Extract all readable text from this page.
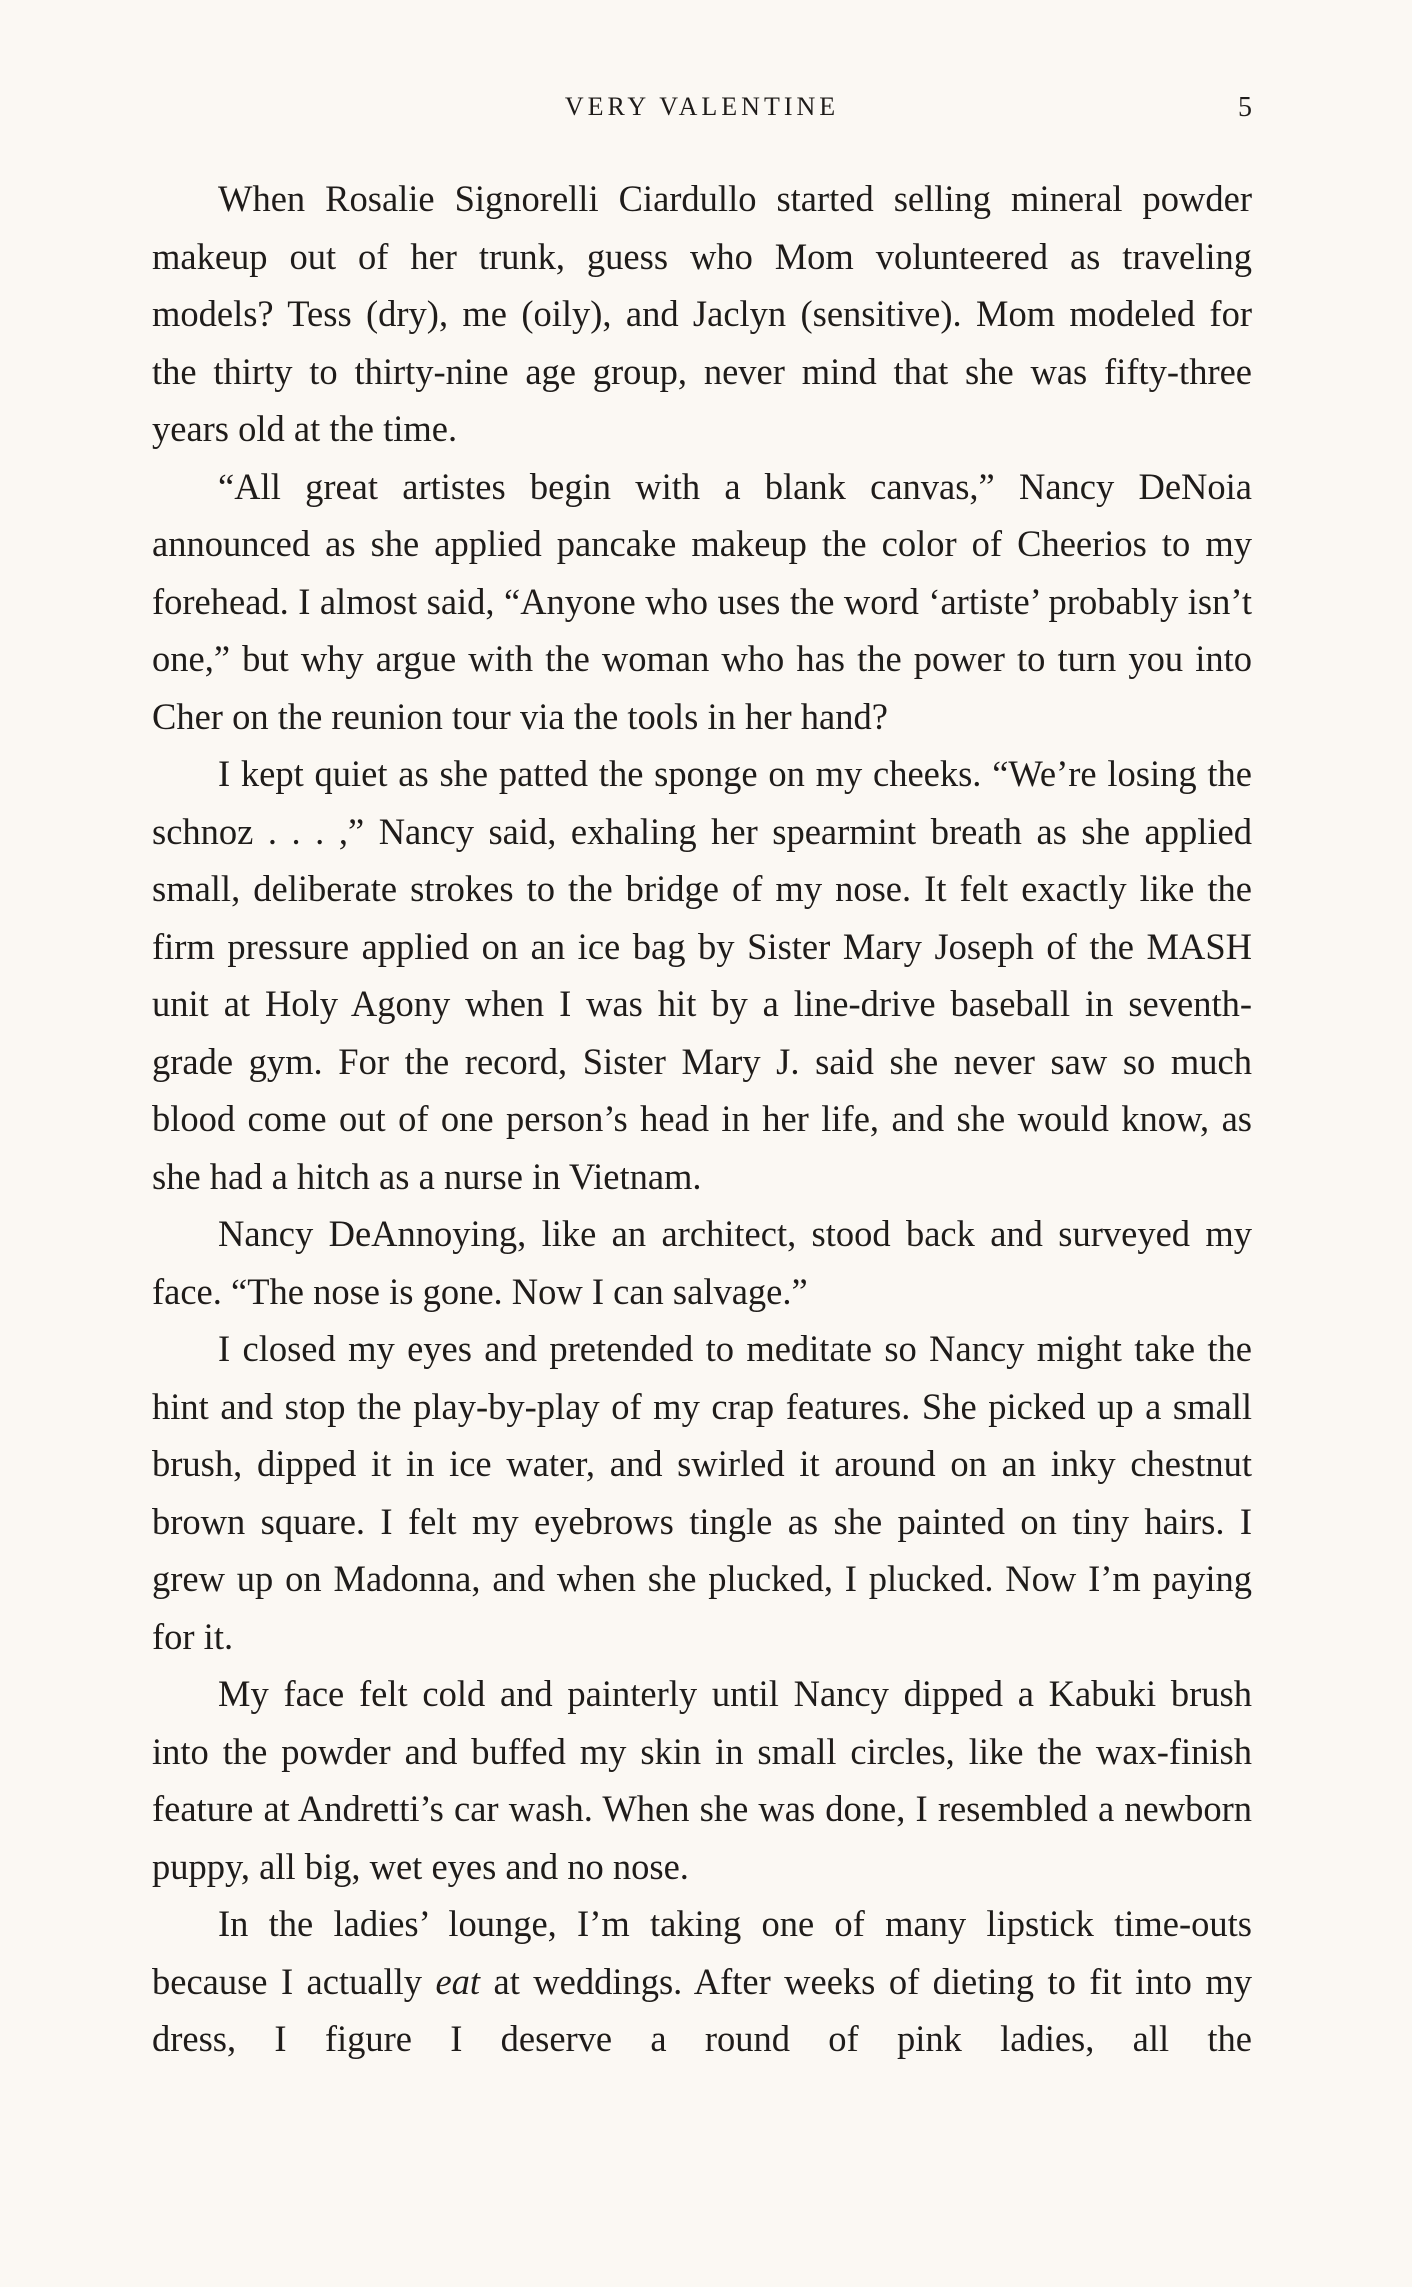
VERY VALENTINE	5

When Rosalie Signorelli Ciardullo started selling mineral powder makeup out of her trunk, guess who Mom volunteered as traveling models? Tess (dry), me (oily), and Jaclyn (sensitive). Mom modeled for the thirty to thirty-nine age group, never mind that she was fifty-three years old at the time.

“All great artistes begin with a blank canvas,” Nancy DeNoia announced as she applied pancake makeup the color of Cheerios to my forehead. I almost said, “Anyone who uses the word ‘artiste’ probably isn’t one,” but why argue with the woman who has the power to turn you into Cher on the reunion tour via the tools in her hand?

I kept quiet as she patted the sponge on my cheeks. “We’re losing the schnoz . . . ,” Nancy said, exhaling her spearmint breath as she applied small, deliberate strokes to the bridge of my nose. It felt exactly like the firm pressure applied on an ice bag by Sister Mary Joseph of the MASH unit at Holy Agony when I was hit by a line-drive baseball in seventh-grade gym. For the record, Sister Mary J. said she never saw so much blood come out of one person’s head in her life, and she would know, as she had a hitch as a nurse in Vietnam.

Nancy DeAnnoying, like an architect, stood back and surveyed my face. “The nose is gone. Now I can salvage.”

I closed my eyes and pretended to meditate so Nancy might take the hint and stop the play-by-play of my crap features. She picked up a small brush, dipped it in ice water, and swirled it around on an inky chestnut brown square. I felt my eyebrows tingle as she painted on tiny hairs. I grew up on Madonna, and when she plucked, I plucked. Now I’m paying for it.

My face felt cold and painterly until Nancy dipped a Kabuki brush into the powder and buffed my skin in small circles, like the wax-finish feature at Andretti’s car wash. When she was done, I resembled a newborn puppy, all big, wet eyes and no nose.

In the ladies’ lounge, I’m taking one of many lipstick time-outs because I actually eat at weddings. After weeks of dieting to fit into my dress, I figure I deserve a round of pink ladies, all the
